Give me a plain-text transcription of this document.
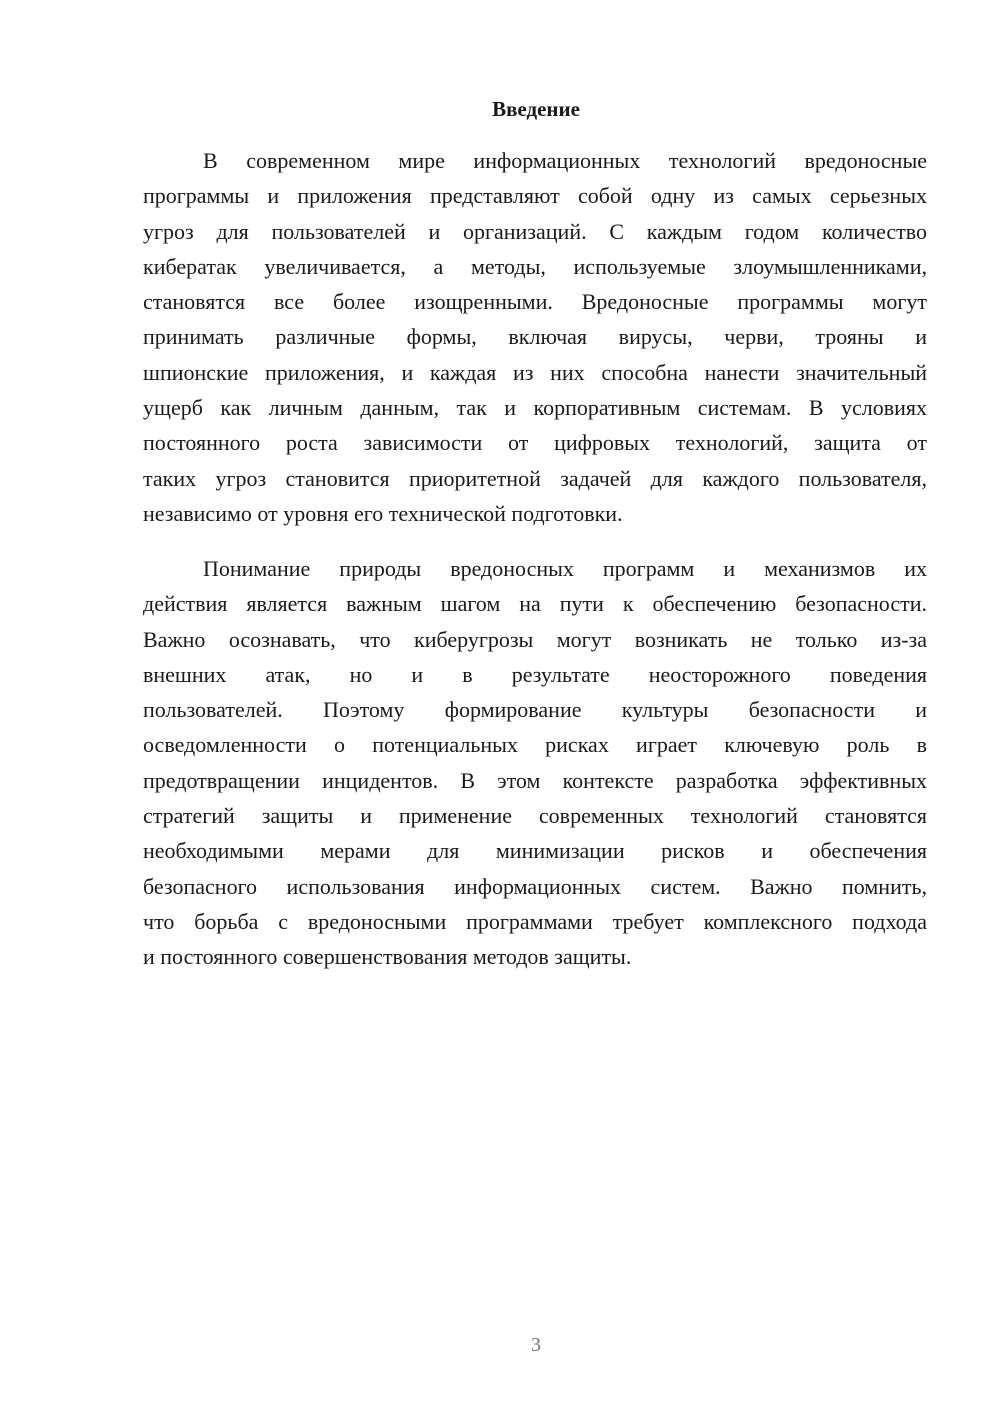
Введение
В современном мире информационных технологий вредоносные
программы и приложения представляют собой одну из самых серьезных
угроз для пользователей и организаций. С каждым годом количество
кибератак увеличивается, а методы, используемые злоумышленниками,
становятся все более изощренными. Вредоносные программы могут
принимать различные формы, включая вирусы, черви, трояны и
шпионские приложения, и каждая из них способна нанести значительный
ущерб как личным данным, так и корпоративным системам. В условиях
постоянного роста зависимости от цифровых технологий, защита от
таких угроз становится приоритетной задачей для каждого пользователя,
независимо от уровня его технической подготовки.
Понимание природы вредоносных программ и механизмов их
действия является важным шагом на пути к обеспечению безопасности.
Важно осознавать, что киберугрозы могут возникать не только из-за
внешних атак, но и в результате неосторожного поведения
пользователей. Поэтому формирование культуры безопасности и
осведомленности о потенциальных рисках играет ключевую роль в
предотвращении инцидентов. В этом контексте разработка эффективных
стратегий защиты и применение современных технологий становятся
необходимыми мерами для минимизации рисков и обеспечения
безопасного использования информационных систем. Важно помнить,
что борьба с вредоносными программами требует комплексного подхода
и постоянного совершенствования методов защиты.
3
